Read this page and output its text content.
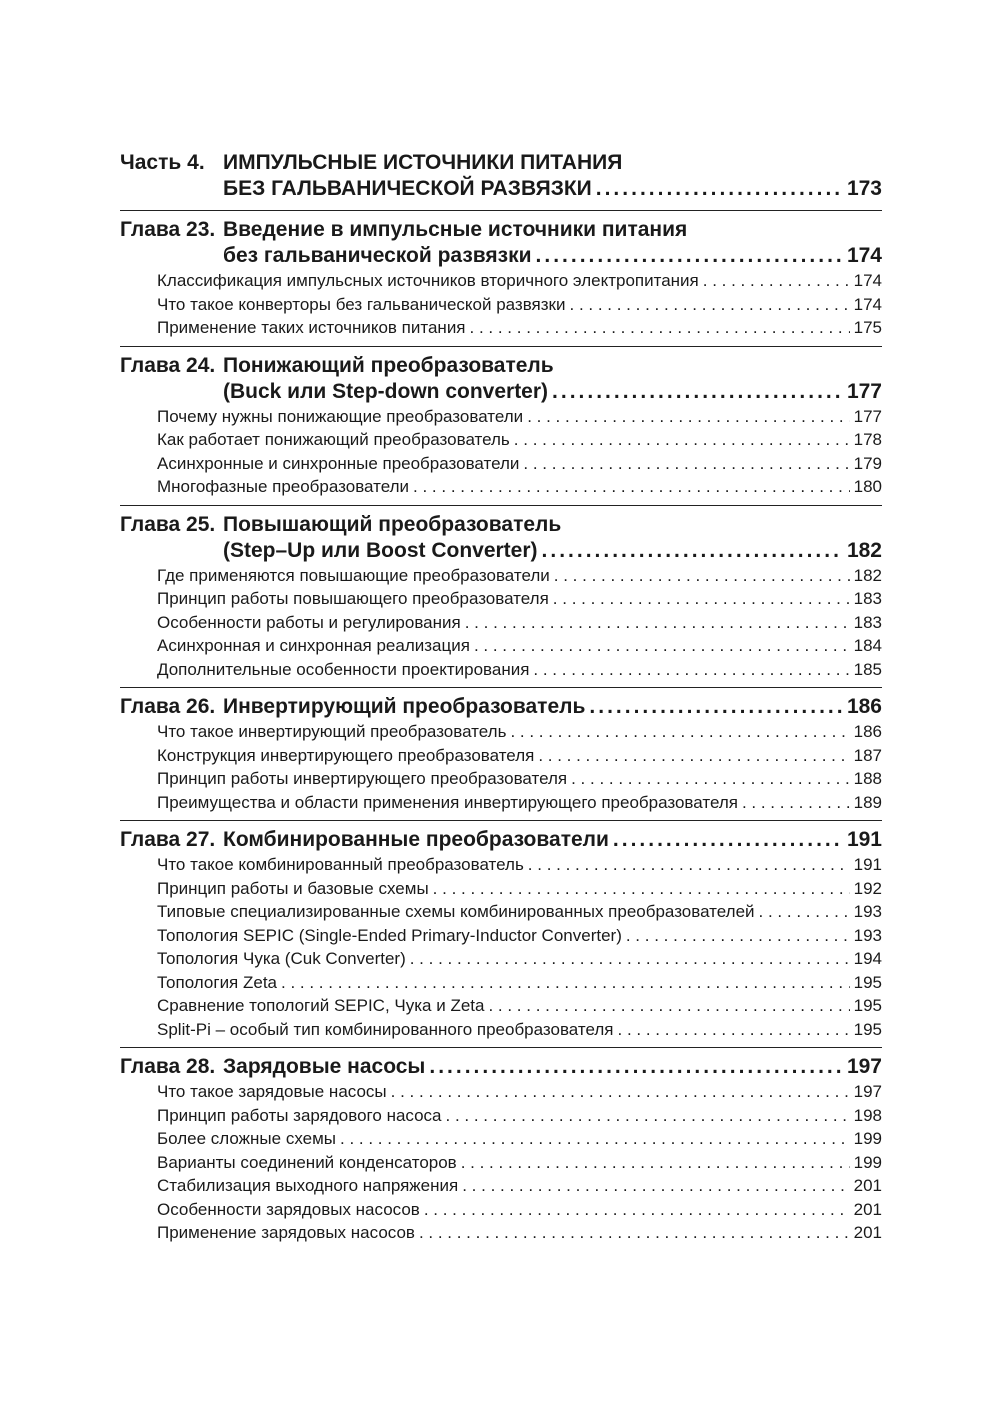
Часть 4. ИМПУЛЬСНЫЕ ИСТОЧНИКИ ПИТАНИЯ
БЕЗ ГАЛЬВАНИЧЕСКОЙ РАЗВЯЗКИ .....	173
Глава 23. Введение в импульсные источники питания
без гальванической развязки .....	174
Классификация импульсных источников вторичного электропитания . . .	174
Что такое конверторы без гальванической развязки . . .	174
Применение таких источников питания . . .	175
Глава 24. Понижающий преобразователь
(Buck или Step-down converter) .....	177
Почему нужны понижающие преобразователи . . .	177
Как работает понижающий преобразователь . . .	178
Асинхронные и синхронные преобразователи . . .	179
Многофазные преобразователи . . .	180
Глава 25. Повышающий преобразователь
(Step–Up или Boost Converter) .....	182
Где применяются повышающие преобразователи . . .	182
Принцип работы повышающего преобразователя . . .	183
Особенности работы и регулирования . . .	183
Асинхронная и синхронная реализация . . .	184
Дополнительные особенности проектирования . . .	185
Глава 26. Инвертирующий преобразователь .....	186
Что такое инвертирующий преобразователь . . .	186
Конструкция инвертирующего преобразователя . . .	187
Принцип работы инвертирующего преобразователя . . .	188
Преимущества и области применения инвертирующего преобразователя . . .	189
Глава 27. Комбинированные преобразователи .....	191
Что такое комбинированный преобразователь . . .	191
Принцип работы и базовые схемы . . .	192
Типовые специализированные схемы комбинированных преобразователей . . .	193
Топология SEPIC (Single-Ended Primary-Inductor Converter) . . .	193
Топология Чука (Cuk Converter) . . .	194
Топология Zeta . . .	195
Сравнение топологий SEPIC, Чука и Zeta . . .	195
Split-Pi – особый тип комбинированного преобразователя . . .	195
Глава 28. Зарядовые насосы .....	197
Что такое зарядовые насосы . . .	197
Принцип работы зарядового насоса . . .	198
Более сложные схемы . . .	199
Варианты соединений конденсаторов . . .	199
Стабилизация выходного напряжения . . .	201
Особенности зарядовых насосов . . .	201
Применение зарядовых насосов . . .	201
